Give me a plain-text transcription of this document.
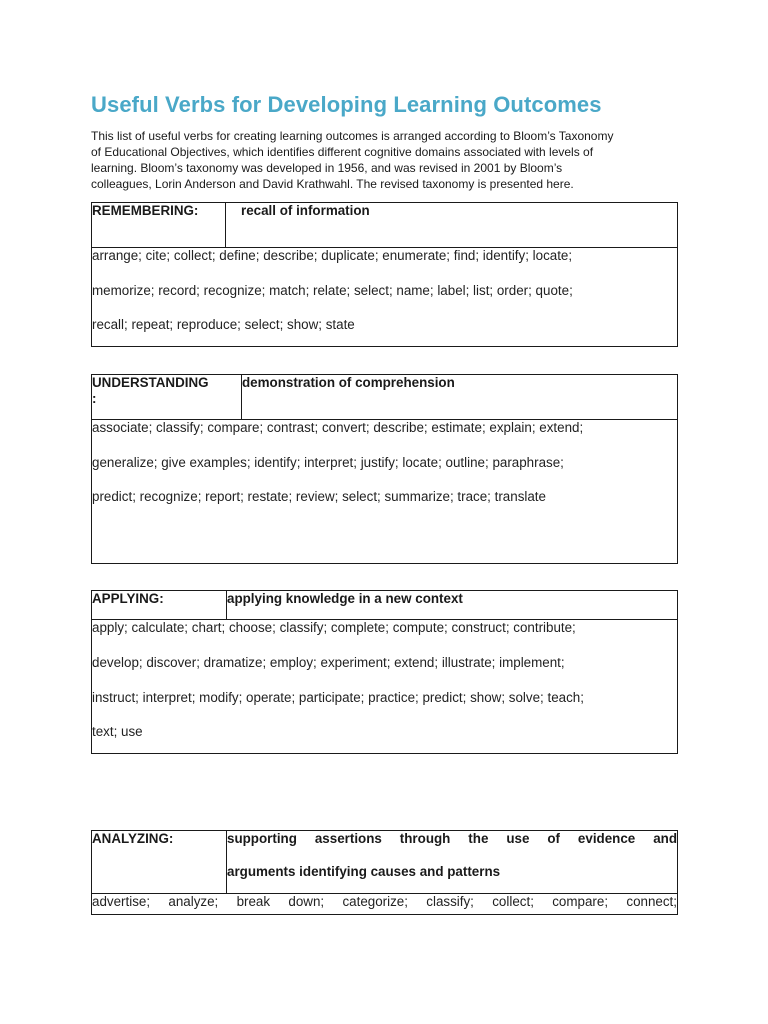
Useful Verbs for Developing Learning Outcomes
This list of useful verbs for creating learning outcomes is arranged according to Bloom’s Taxonomy
of Educational Objectives, which identifies different cognitive domains associated with levels of
learning. Bloom’s taxonomy was developed in 1956, and was revised in 2001 by Bloom’s
colleagues, Lorin Anderson and David Krathwahl. The revised taxonomy is presented here.
REMEMBERING:	recall of information

arrange; cite; collect; define; describe; duplicate; enumerate; find; identify; locate;
memorize; record; recognize; match; relate; select; name; label; list; order; quote;
recall; repeat; reproduce; select; show; state
UNDERSTANDING
:
	demonstration of comprehension

associate; classify; compare; contrast; convert; describe; estimate; explain; extend;
generalize; give examples; identify; interpret; justify; locate; outline; paraphrase;
predict; recognize; report; restate; review; select; summarize; trace; translate
APPLYING:	applying knowledge in a new context

apply; calculate; chart; choose; classify; complete; compute; construct; contribute;
develop; discover; dramatize; employ; experiment; extend; illustrate; implement;
instruct; interpret; modify; operate; participate; practice; predict; show; solve; teach;
text; use
ANALYZING:	supporting assertions through the use of evidence and
arguments identifying causes and patterns

advertise; analyze; break down; categorize; classify; collect; compare; connect;
